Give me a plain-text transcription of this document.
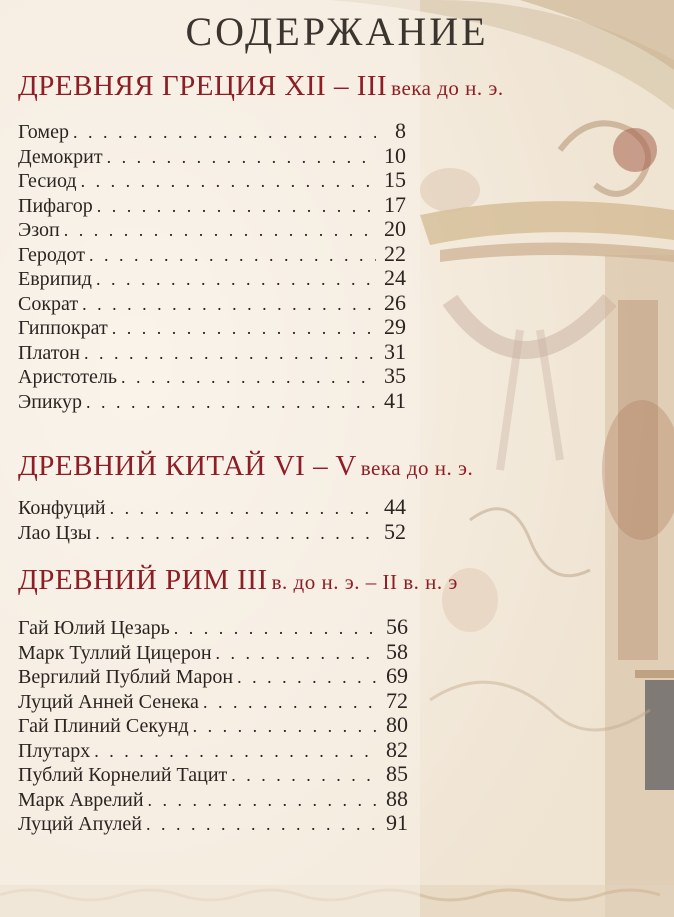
СОДЕРЖАНИЕ
ДРЕВНЯЯ ГРЕЦИЯ XII – III века до н. э.
Гомер . . .	8
Демокрит . . .	10
Гесиод . . .	15
Пифагор . . .	17
Эзоп . . .	20
Геродот . . .	22
Еврипид . . .	24
Сократ . . .	26
Гиппократ . . .	29
Платон . . .	31
Аристотель . . .	35
Эпикур . . .	41
ДРЕВНИЙ КИТАЙ VI – V века до н. э.
Конфуций . . .	44
Лао Цзы . . .	52
ДРЕВНИЙ РИМ III в. до н. э. – II в. н. э
Гай Юлий Цезарь . . .	56
Марк Туллий Цицерон . . .	58
Вергилий Публий Марон . . .	69
Луций Анней Сенека . . .	72
Гай Плиний Секунд . . .	80
Плутарх . . .	82
Публий Корнелий Тацит . . .	85
Марк Аврелий . . .	88
Луций Апулей . . .	91
